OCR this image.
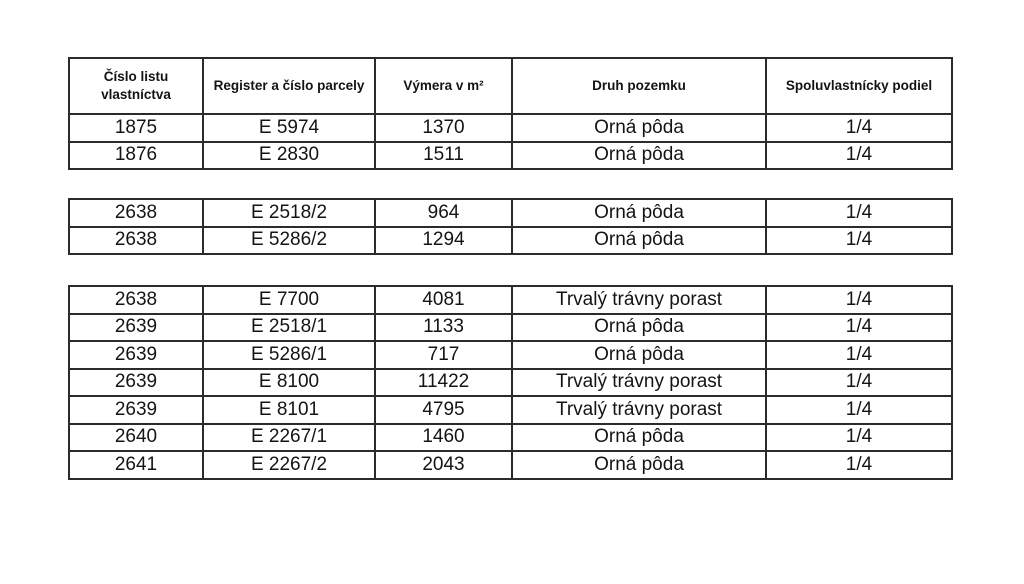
Číslo listu vlastníctva	Register a číslo parcely	Výmera v m²	Druh pozemku	Spoluvlastnícky podiel
1875	E 5974	1370	Orná pôda	1/4
1876	E 2830	1511	Orná pôda	1/4
2638	E 2518/2	964	Orná pôda	1/4
2638	E 5286/2	1294	Orná pôda	1/4
2638	E 7700	4081	Trvalý trávny porast	1/4
2639	E 2518/1	1133	Orná pôda	1/4
2639	E 5286/1	717	Orná pôda	1/4
2639	E 8100	11422	Trvalý trávny porast	1/4
2639	E 8101	4795	Trvalý trávny porast	1/4
2640	E 2267/1	1460	Orná pôda	1/4
2641	E 2267/2	2043	Orná pôda	1/4
